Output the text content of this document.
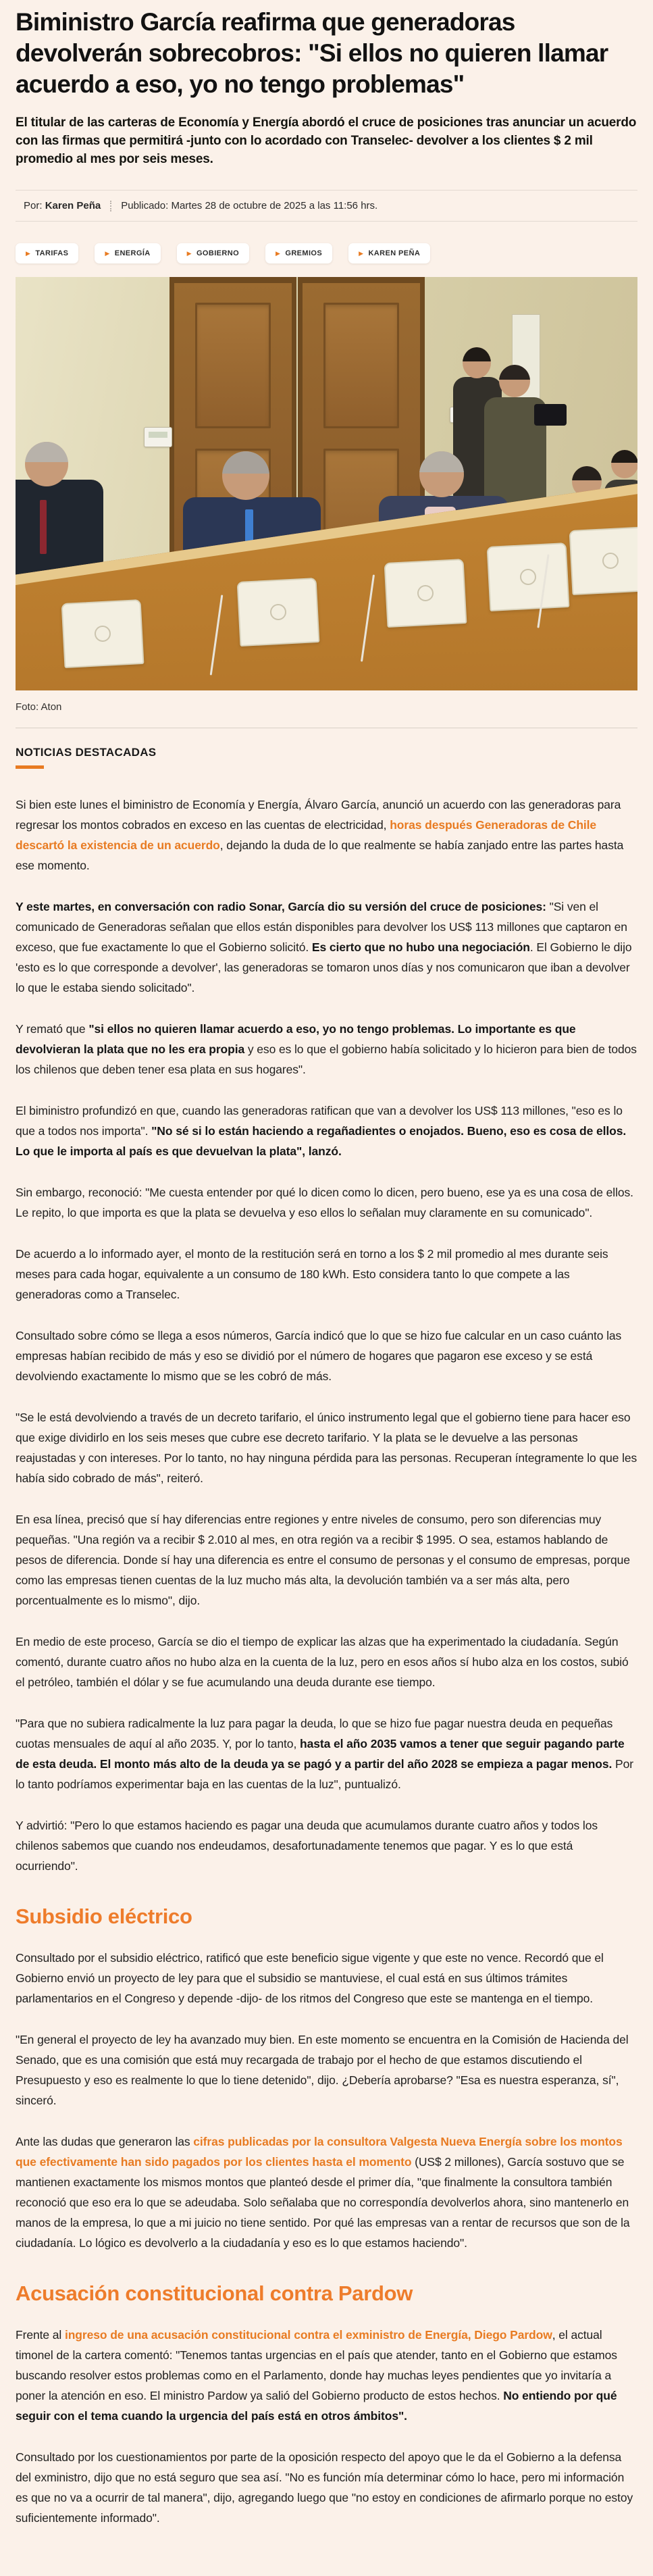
Biministro García reafirma que generadoras devolverán sobrecobros: "Si ellos no quieren llamar acuerdo a eso, yo no tengo problemas"

El titular de las carteras de Economía y Energía abordó el cruce de posiciones tras anunciar un acuerdo con las firmas que permitirá -junto con lo acordado con Transelec- devolver a los clientes $ 2 mil promedio al mes por seis meses.

Por: Karen Peña Publicado: Martes 28 de octubre de 2025 a las 11:56 hrs.
▶ TARIFAS	▶ ENERGÍA	▶ GOBIERNO	▶ GREMIOS	▶ KAREN PEÑA

Foto: Aton

NOTICIAS DESTACADAS

Si bien este lunes el biministro de Economía y Energía, Álvaro García, anunció un acuerdo con las generadoras para regresar los montos cobrados en exceso en las cuentas de electricidad, horas después Generadoras de Chile descartó la existencia de un acuerdo, dejando la duda de lo que realmente se había zanjado entre las partes hasta ese momento.

Y este martes, en conversación con radio Sonar, García dio su versión del cruce de posiciones: "Si ven el comunicado de Generadoras señalan que ellos están disponibles para devolver los US$ 113 millones que captaron en exceso, que fue exactamente lo que el Gobierno solicitó. Es cierto que no hubo una negociación. El Gobierno le dijo 'esto es lo que corresponde a devolver', las generadoras se tomaron unos días y nos comunicaron que iban a devolver lo que le estaba siendo solicitado".

Y remató que "si ellos no quieren llamar acuerdo a eso, yo no tengo problemas. Lo importante es que devolvieran la plata que no les era propia y eso es lo que el gobierno había solicitado y lo hicieron para bien de todos los chilenos que deben tener esa plata en sus hogares".

El biministro profundizó en que, cuando las generadoras ratifican que van a devolver los US$ 113 millones, "eso es lo que a todos nos importa". "No sé si lo están haciendo a regañadientes o enojados. Bueno, eso es cosa de ellos. Lo que le importa al país es que devuelvan la plata", lanzó.

Sin embargo, reconoció: "Me cuesta entender por qué lo dicen como lo dicen, pero bueno, ese ya es una cosa de ellos. Le repito, lo que importa es que la plata se devuelva y eso ellos lo señalan muy claramente en su comunicado".

De acuerdo a lo informado ayer, el monto de la restitución será en torno a los $ 2 mil promedio al mes durante seis meses para cada hogar, equivalente a un consumo de 180 kWh. Esto considera tanto lo que compete a las generadoras como a Transelec.

Consultado sobre cómo se llega a esos números, García indicó que lo que se hizo fue calcular en un caso cuánto las empresas habían recibido de más y eso se dividió por el número de hogares que pagaron ese exceso y se está devolviendo exactamente lo mismo que se les cobró de más.

"Se le está devolviendo a través de un decreto tarifario, el único instrumento legal que el gobierno tiene para hacer eso que exige dividirlo en los seis meses que cubre ese decreto tarifario. Y la plata se le devuelve a las personas reajustadas y con intereses. Por lo tanto, no hay ninguna pérdida para las personas. Recuperan íntegramente lo que les había sido cobrado de más", reiteró.

En esa línea, precisó que sí hay diferencias entre regiones y entre niveles de consumo, pero son diferencias muy pequeñas. "Una región va a recibir $ 2.010 al mes, en otra región va a recibir $ 1995. O sea, estamos hablando de pesos de diferencia. Donde sí hay una diferencia es entre el consumo de personas y el consumo de empresas, porque como las empresas tienen cuentas de la luz mucho más alta, la devolución también va a ser más alta, pero porcentualmente es lo mismo", dijo.

En medio de este proceso, García se dio el tiempo de explicar las alzas que ha experimentado la ciudadanía. Según comentó, durante cuatro años no hubo alza en la cuenta de la luz, pero en esos años sí hubo alza en los costos, subió el petróleo, también el dólar y se fue acumulando una deuda durante ese tiempo.

"Para que no subiera radicalmente la luz para pagar la deuda, lo que se hizo fue pagar nuestra deuda en pequeñas cuotas mensuales de aquí al año 2035. Y, por lo tanto, hasta el año 2035 vamos a tener que seguir pagando parte de esta deuda. El monto más alto de la deuda ya se pagó y a partir del año 2028 se empieza a pagar menos. Por lo tanto podríamos experimentar baja en las cuentas de la luz", puntualizó.

Y advirtió: "Pero lo que estamos haciendo es pagar una deuda que acumulamos durante cuatro años y todos los chilenos sabemos que cuando nos endeudamos, desafortunadamente tenemos que pagar. Y es lo que está ocurriendo".

Subsidio eléctrico

Consultado por el subsidio eléctrico, ratificó que este beneficio sigue vigente y que este no vence. Recordó que el Gobierno envió un proyecto de ley para que el subsidio se mantuviese, el cual está en sus últimos trámites parlamentarios en el Congreso y depende -dijo- de los ritmos del Congreso que este se mantenga en el tiempo.

"En general el proyecto de ley ha avanzado muy bien. En este momento se encuentra en la Comisión de Hacienda del Senado, que es una comisión que está muy recargada de trabajo por el hecho de que estamos discutiendo el Presupuesto y eso es realmente lo que lo tiene detenido", dijo. ¿Debería aprobarse? "Esa es nuestra esperanza, sí", sinceró.

Ante las dudas que generaron las cifras publicadas por la consultora Valgesta Nueva Energía sobre los montos que efectivamente han sido pagados por los clientes hasta el momento (US$ 2 millones), García sostuvo que se mantienen exactamente los mismos montos que planteó desde el primer día, "que finalmente la consultora también reconoció que eso era lo que se adeudaba. Solo señalaba que no correspondía devolverlos ahora, sino mantenerlo en manos de la empresa, lo que a mi juicio no tiene sentido. Por qué las empresas van a rentar de recursos que son de la ciudadanía. Lo lógico es devolverlo a la ciudadanía y eso es lo que estamos haciendo".

Acusación constitucional contra Pardow

Frente al ingreso de una acusación constitucional contra el exministro de Energía, Diego Pardow, el actual timonel de la cartera comentó: "Tenemos tantas urgencias en el país que atender, tanto en el Gobierno que estamos buscando resolver estos problemas como en el Parlamento, donde hay muchas leyes pendientes que yo invitaría a poner la atención en eso. El ministro Pardow ya salió del Gobierno producto de estos hechos. No entiendo por qué seguir con el tema cuando la urgencia del país está en otros ámbitos".

Consultado por los cuestionamientos por parte de la oposición respecto del apoyo que le da el Gobierno a la defensa del exministro, dijo que no está seguro que sea así. "No es función mía determinar cómo lo hace, pero mi información es que no va a ocurrir de tal manera", dijo, agregando luego que "no estoy en condiciones de afirmarlo porque no estoy suficientemente informado".
